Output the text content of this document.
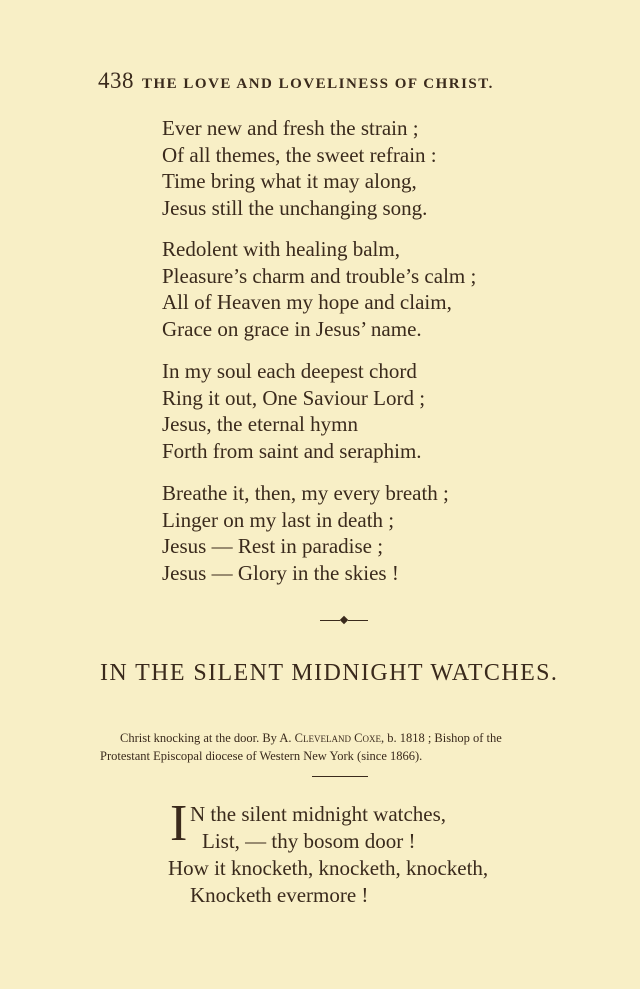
438 THE LOVE AND LOVELINESS OF CHRIST.
Ever new and fresh the strain ;
Of all themes, the sweet refrain :
Time bring what it may along,
Jesus still the unchanging song.
Redolent with healing balm,
Pleasure’s charm and trouble’s calm ;
All of Heaven my hope and claim,
Grace on grace in Jesus’ name.
In my soul each deepest chord
Ring it out, One Saviour Lord ;
Jesus, the eternal hymn
Forth from saint and seraphim.
Breathe it, then, my every breath ;
Linger on my last in death ;
Jesus — Rest in paradise ;
Jesus — Glory in the skies !
IN THE SILENT MIDNIGHT WATCHES.
Christ knocking at the door. By A. Cleveland Coxe, b. 1818 ; Bishop of the
Protestant Episcopal diocese of Western New York (since 1866).
I N the silent midnight watches,
List, — thy bosom door !
How it knocketh, knocketh, knocketh,
Knocketh evermore !
